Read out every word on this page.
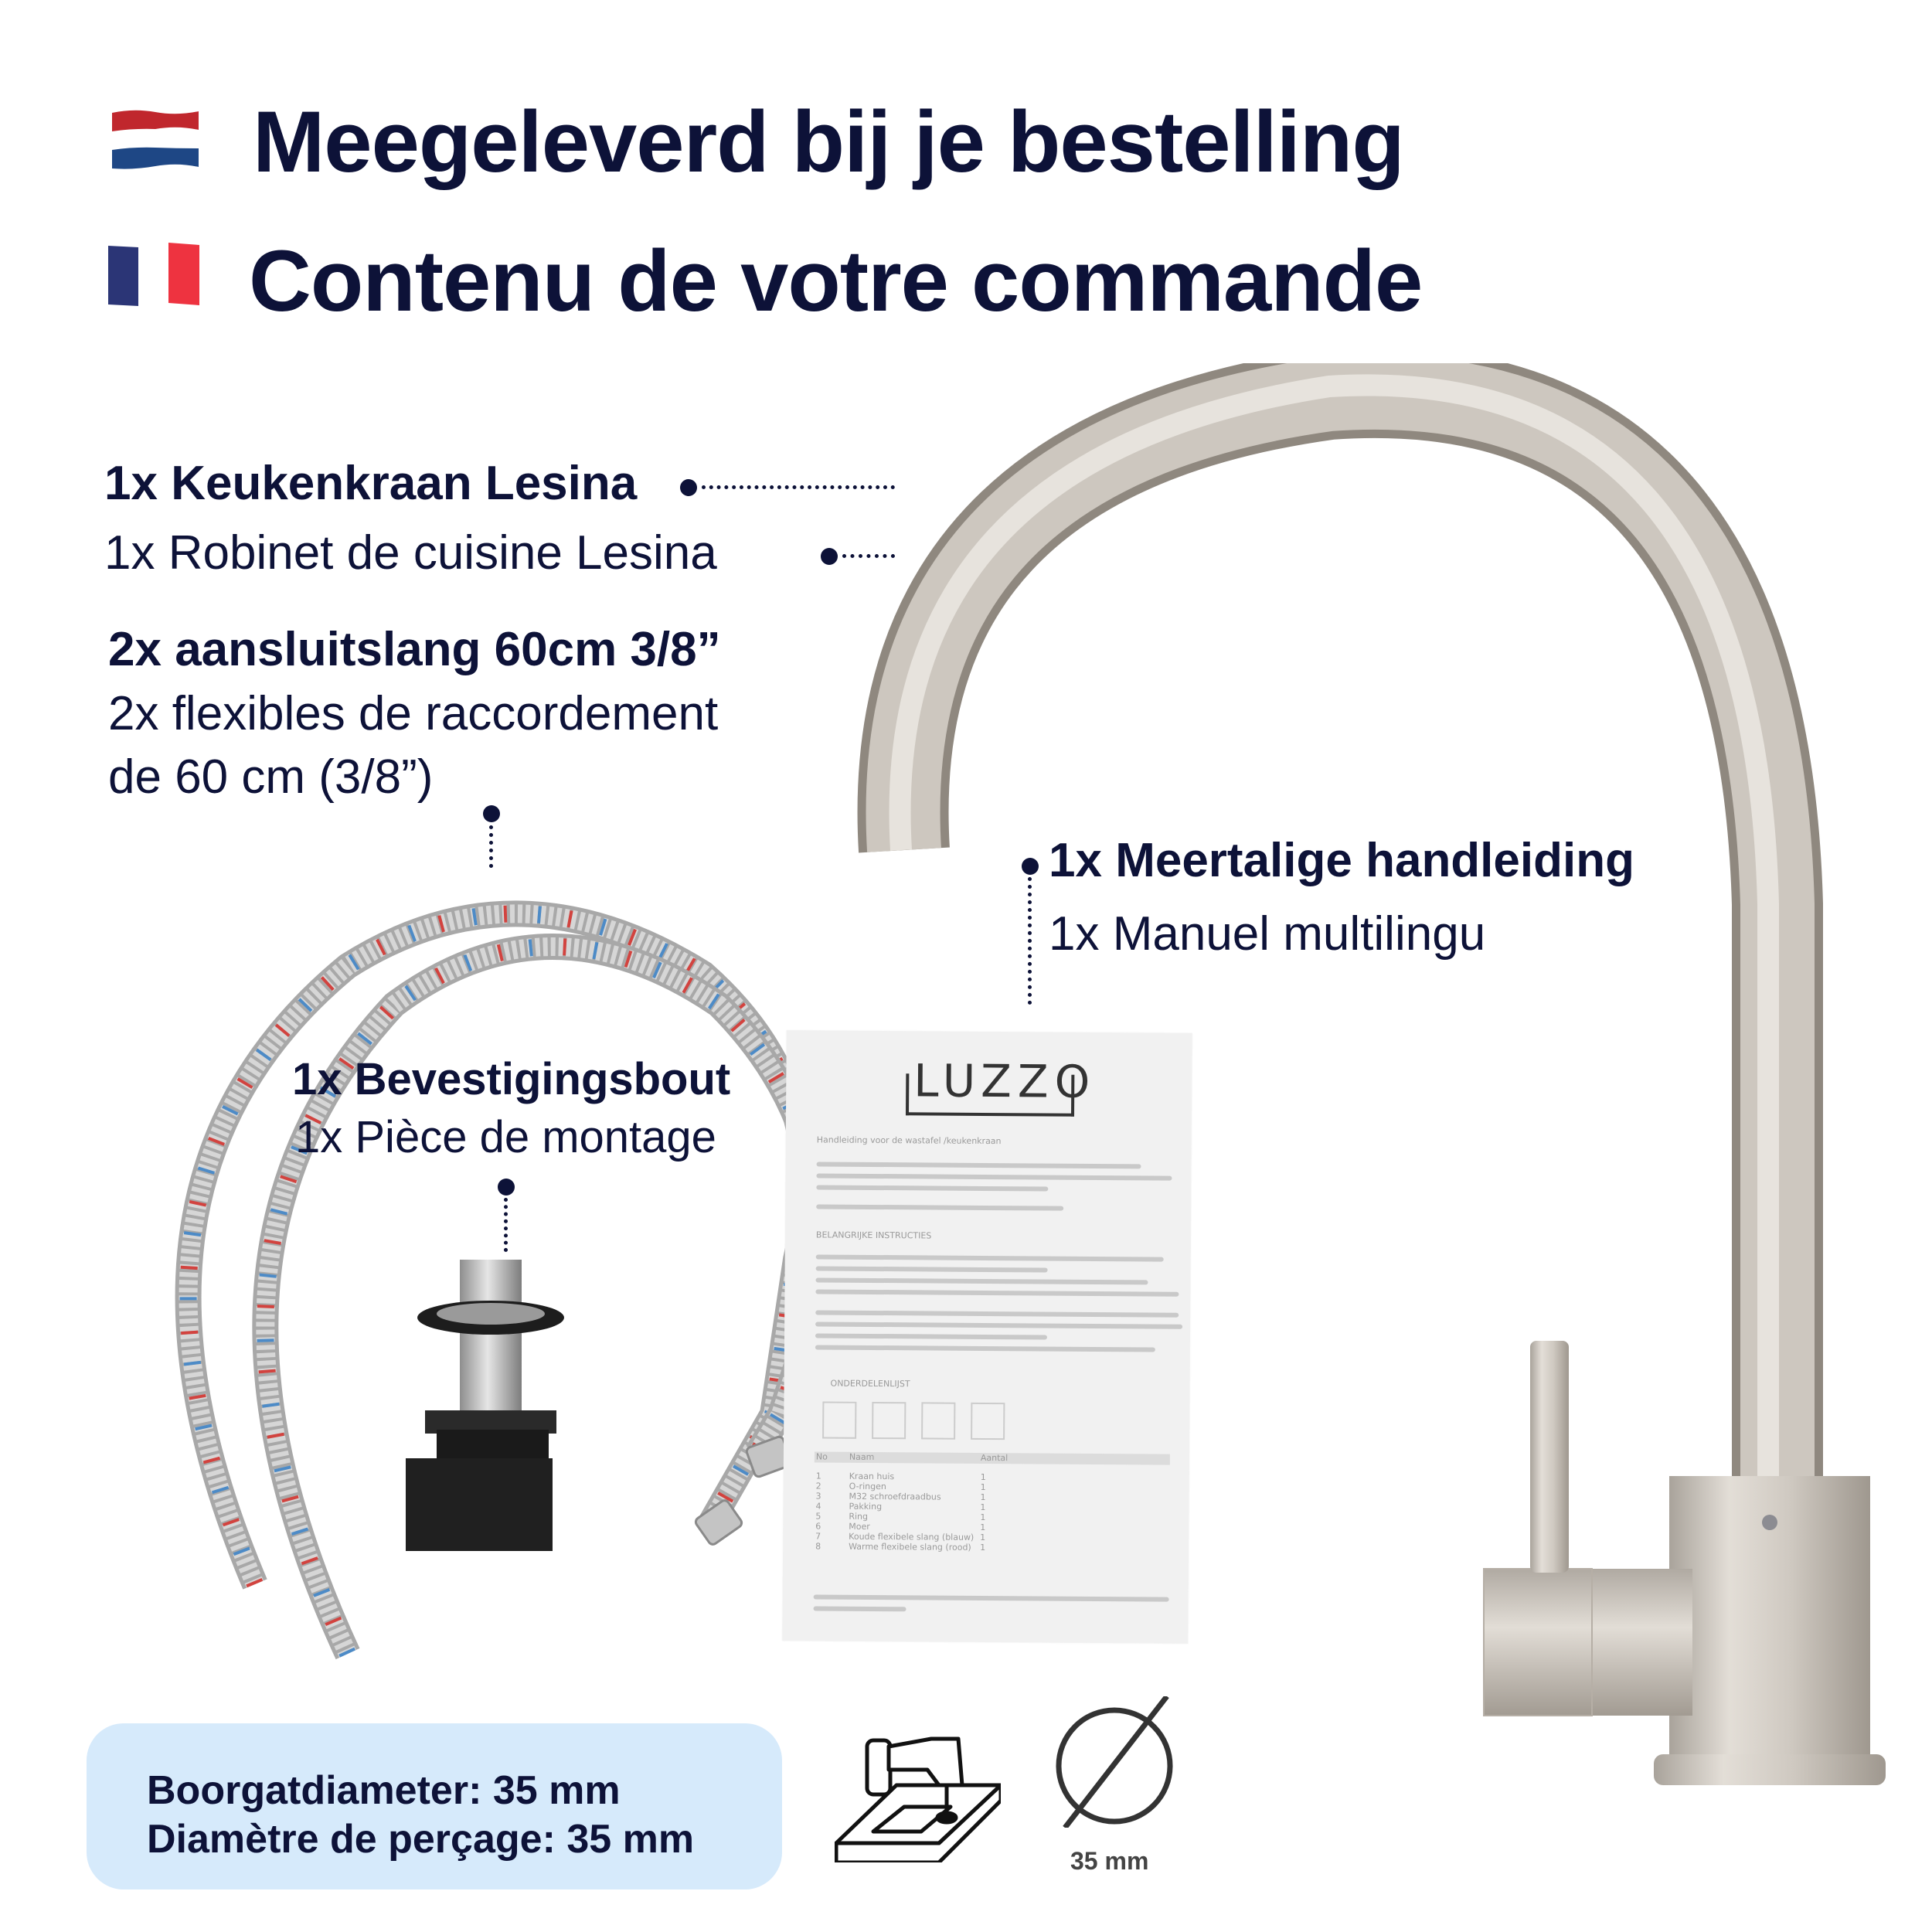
Meegeleverd bij je bestelling
Contenu de votre commande
1x Keukenkraan Lesina
1x Robinet de cuisine Lesina
2x aansluitslang 60cm 3/8”
2x flexibles de raccordement
de 60 cm (3/8”)
LUZZO
Handleiding voor de wastafel /keukenkraan
BELANGRIJKE INSTRUCTIES
ONDERDELENLIJST
No	Naam	Aantal
1	Kraan huis	1
2	O-ringen	1
3	M32 schroefdraadbus	1
4	Pakking	1
5	Ring	1
6	Moer	1
7	Koude flexibele slang (blauw) 1
8	Warme flexibele slang (rood) 1
1x Meertalige handleiding
1x Manuel multilingu
1x Bevestigingsbout
1x Pièce de montage
Boorgatdiameter: 35 mm
Diamètre de perçage: 35 mm	35 mm
